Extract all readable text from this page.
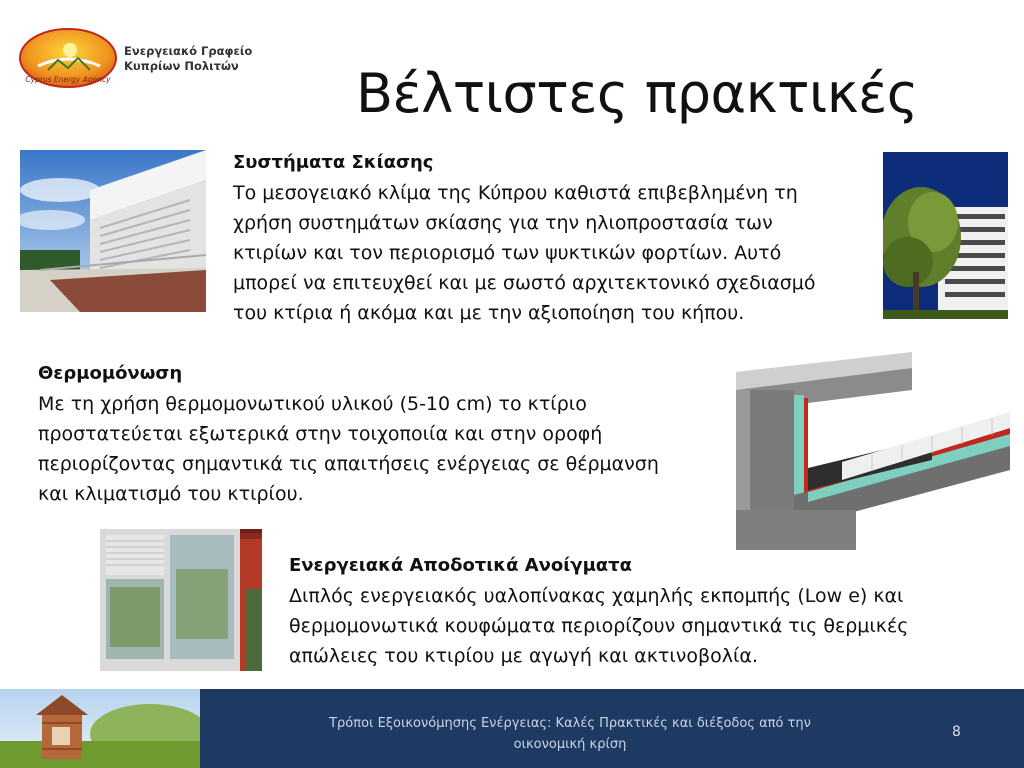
Cyprus Energy Agency
Ενεργειακό Γραφείο
Κυπρίων Πολιτών Βέλτιστες πρακτικές
Συστήματα Σκίασης
Το μεσογειακό κλίμα της Κύπρου καθιστά επιβεβλημένη τη
χρήση συστημάτων σκίασης για την ηλιοπροστασία των
κτιρίων και τον περιορισμό των ψυκτικών φορτίων. Αυτό
μπορεί να επιτευχθεί και με σωστό αρχιτεκτονικό σχεδιασμό
του κτίρια ή ακόμα και με την αξιοποίηση του κήπου.
Θερμομόνωση
Με τη χρήση θερμομονωτικού υλικού (5-10 cm) το κτίριο
προστατεύεται εξωτερικά στην τοιχοποιία και στην οροφή
περιορίζοντας σημαντικά τις απαιτήσεις ενέργειας σε θέρμανση
και κλιματισμό του κτιρίου.
Ενεργειακά Αποδοτικά Ανοίγματα
Διπλός ενεργειακός υαλοπίνακας χαμηλής εκπομπής (Low e) και
θερμομονωτικά κουφώματα περιορίζουν σημαντικά τις θερμικές
απώλειες του κτιρίου με αγωγή και ακτινοβολία.
Τρόποι Εξοικονόμησης Ενέργειας: Καλές Πρακτικές και διέξοδος από την
οικονομική κρίση
8
